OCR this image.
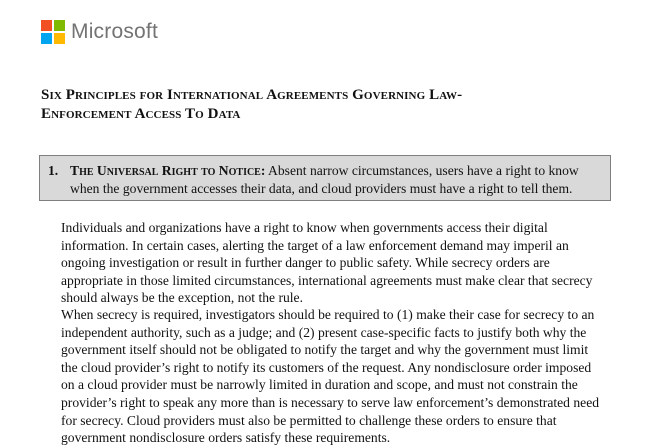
Microsoft
Six Principles for International Agreements Governing Law-
Enforcement Access To Data
1. The Universal Right to Notice: Absent narrow circumstances, users have a right to know when the government accesses their data, and cloud providers must have a right to tell them.

Individuals and organizations have a right to know when governments access their digital information. In certain cases, alerting the target of a law enforcement demand may imperil an ongoing investigation or result in further danger to public safety. While secrecy orders are appropriate in those limited circumstances, international agreements must make clear that secrecy should always be the exception, not the rule.

When secrecy is required, investigators should be required to (1) make their case for secrecy to an independent authority, such as a judge; and (2) present case-specific facts to justify both why the government itself should not be obligated to notify the target and why the government must limit the cloud provider’s right to notify its customers of the request. Any nondisclosure order imposed on a cloud provider must be narrowly limited in duration and scope, and must not constrain the provider’s right to speak any more than is necessary to serve law enforcement’s demonstrated need for secrecy. Cloud providers must also be permitted to challenge these orders to ensure that government nondisclosure orders satisfy these requirements.
